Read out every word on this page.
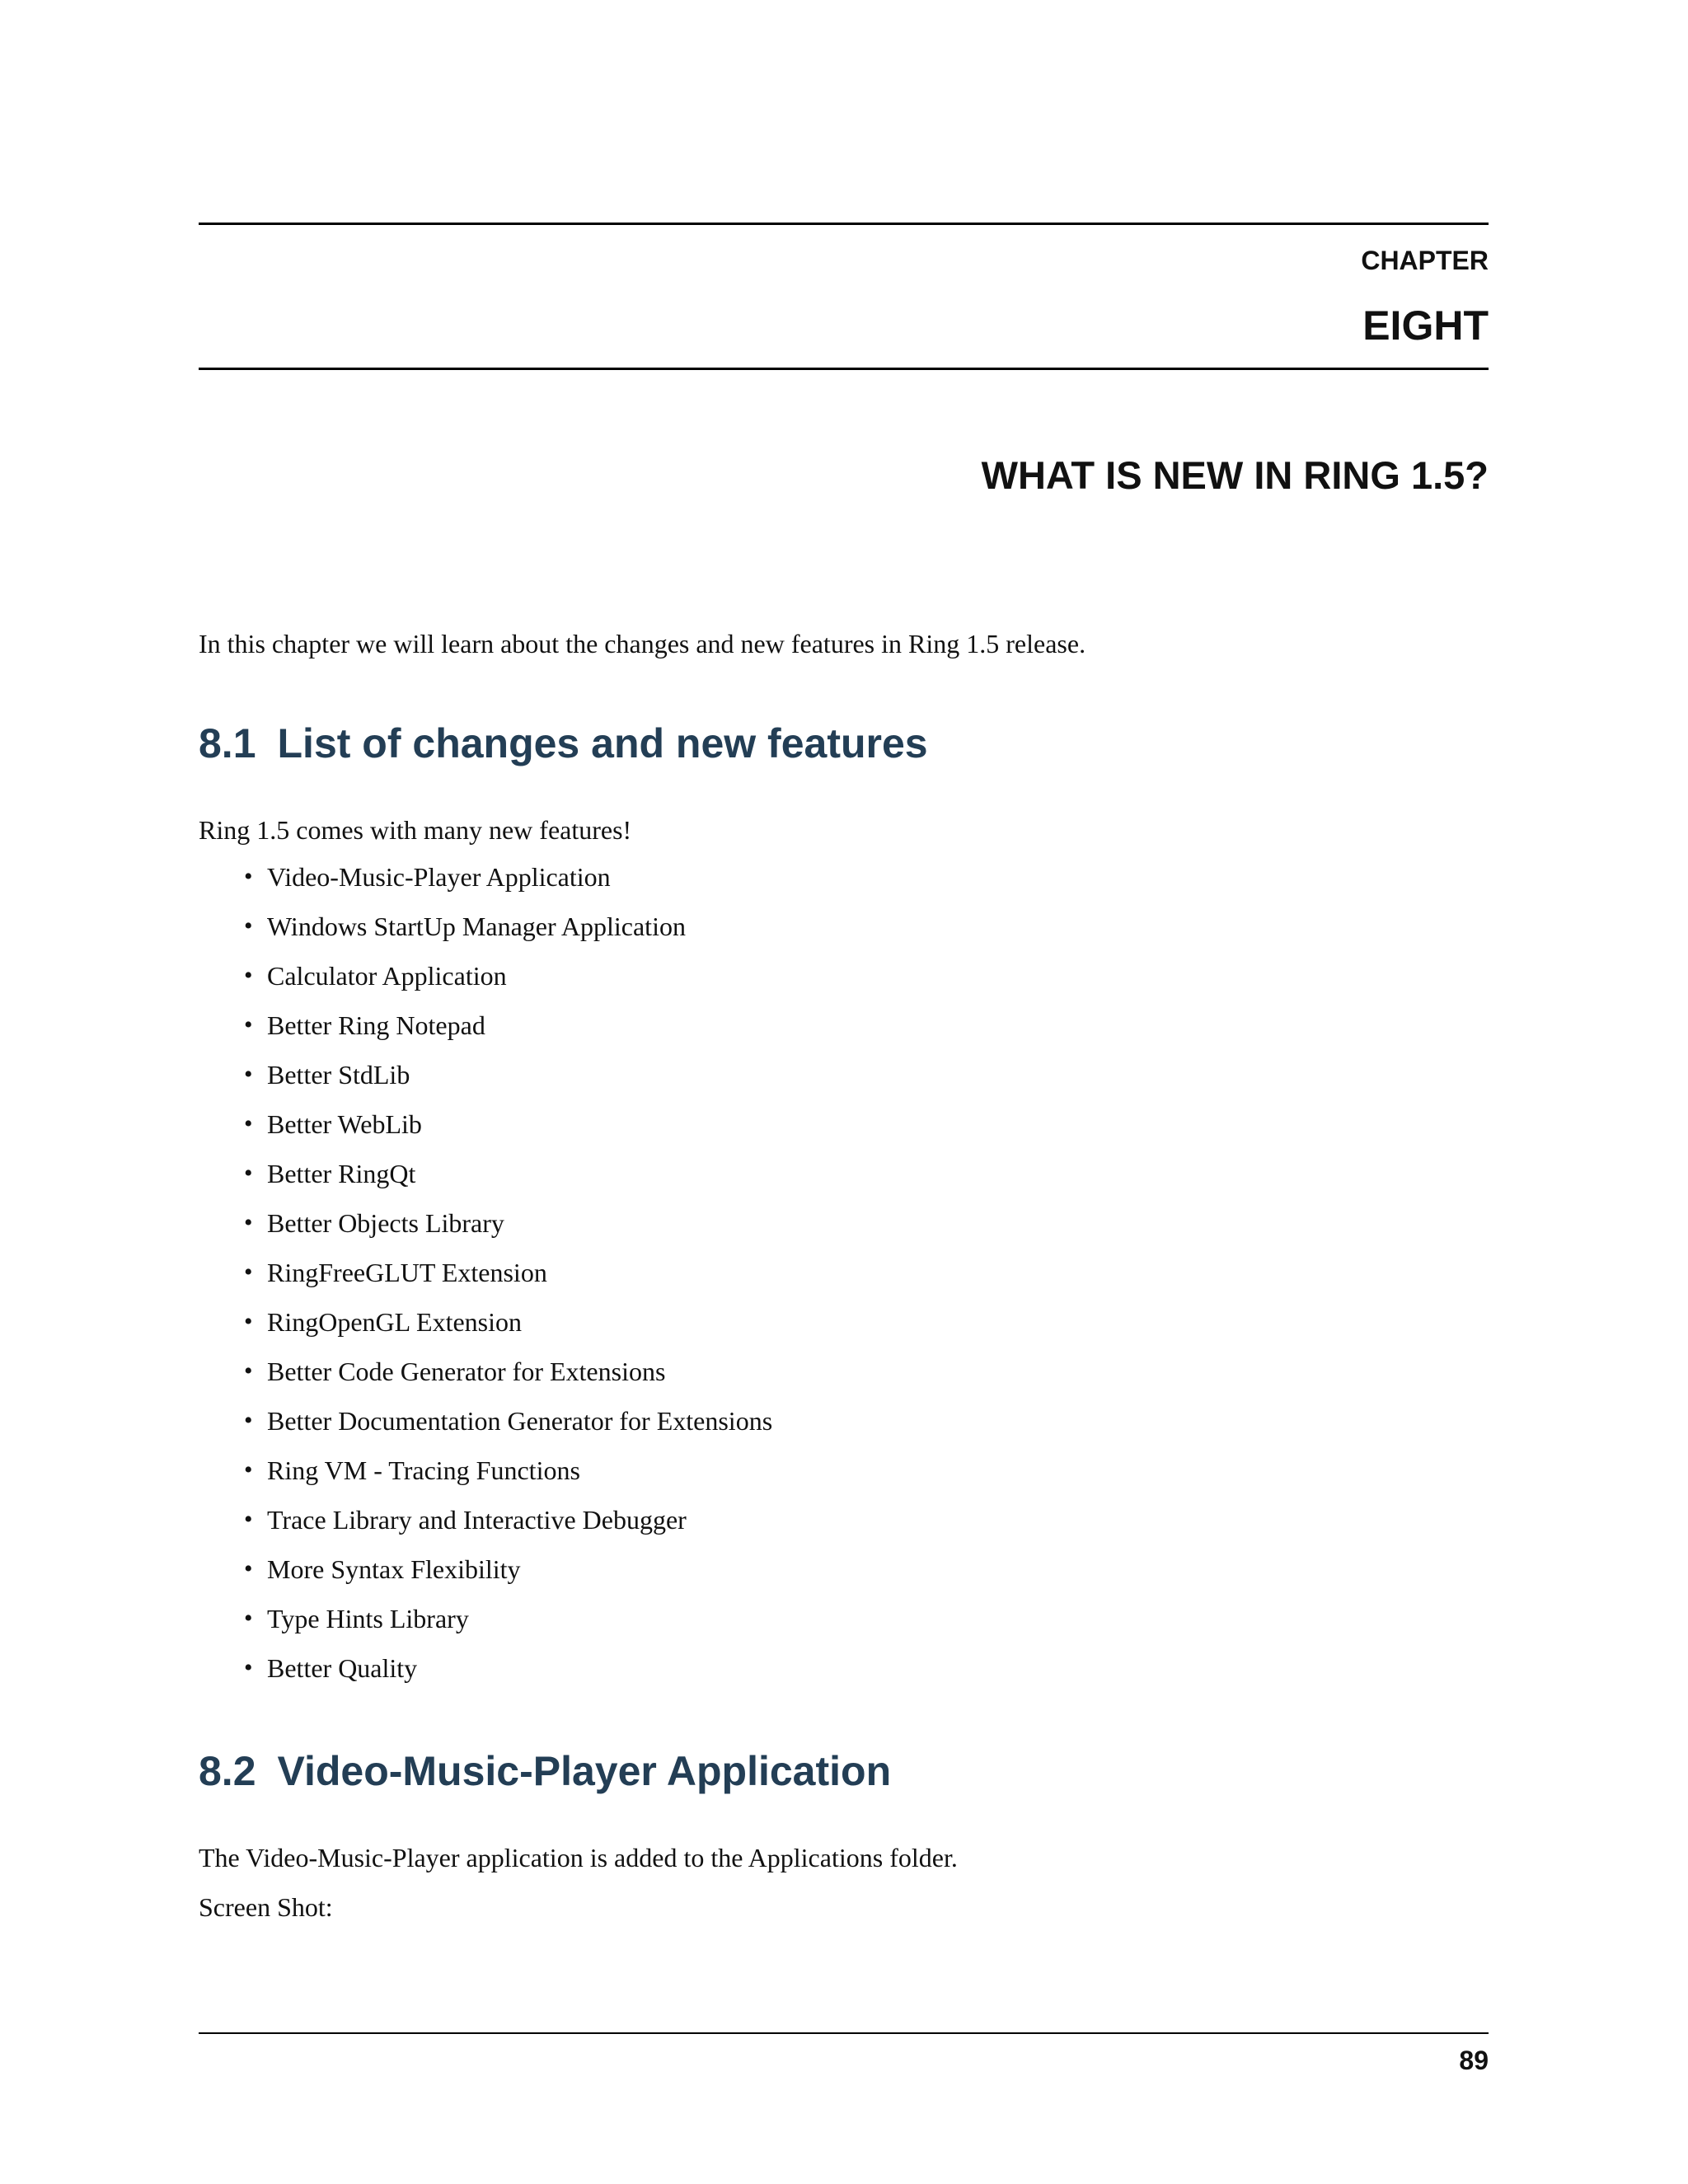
CHAPTER

EIGHT

WHAT IS NEW IN RING 1.5?

In this chapter we will learn about the changes and new features in Ring 1.5 release.

8.1 List of changes and new features

Ring 1.5 comes with many new features!

• Video-Music-Player Application
• Windows StartUp Manager Application
• Calculator Application
• Better Ring Notepad
• Better StdLib
• Better WebLib
• Better RingQt
• Better Objects Library
• RingFreeGLUT Extension
• RingOpenGL Extension
• Better Code Generator for Extensions
• Better Documentation Generator for Extensions
• Ring VM - Tracing Functions
• Trace Library and Interactive Debugger
• More Syntax Flexibility
• Type Hints Library
• Better Quality
8.2 Video-Music-Player Application

The Video-Music-Player application is added to the Applications folder.

Screen Shot:

89
